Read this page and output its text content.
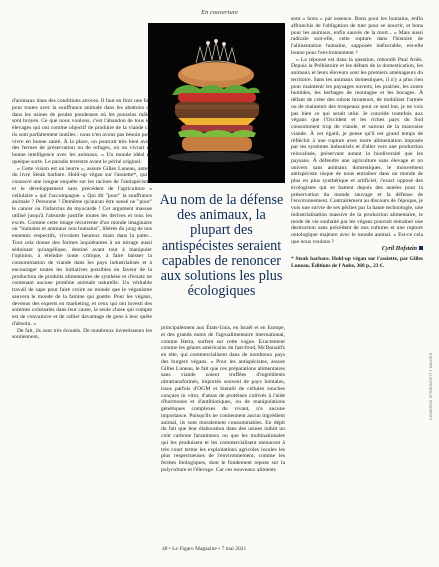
En couverture
Au nom de la défense des animaux, la plupart des antispécistes seraient capables de renoncer aux solutions les plus écologiques

d'animaux dans des conditions atroces. Il faut en finir une fois pour toutes avec la souffrance animale dans les abattoirs ou dans les usines de poules pondeuses où les poussins mâles sont broyés. Ce que nous voulons, c'est l'abandon de tous les élevages qui ont comme objectif de produire de la viande car ils sont parfaitement inutiles : nous n'en avons pas besoin pour vivre en bonne santé. À la place, on pourrait très bien avoir des fermes de préservation ou de refuges, où on vivrait en bonne intelligence avec les animaux. » Un monde idéal en quelque sorte. Le paradis terrestre avant le péché originel.

« Cette vision est un leurre », assure Gilles Luneau, auteur du livre Steak barbare. Hold-up végan sur l'assiette*, qui a consacré une longue enquête sur les racines de l'antispécisme et le développement sans précédent de l'agriculture « cellulaire » qui l'accompagne. « Qui dit "pour" la souffrance animale ? Personne ! Demême qu'aucun être sensé ne "pour" le cancer ou l'infarctus du myocarde ! Cet argument massue utilisé jusqu'à l'absurde justifie toutes les dérives et tous les excès. Comme cette image récurrente d'un monde imaginaire où "humains et animaux non humains", libérés du joug de nos ennemis respectifs, vivraient heureux main dans la patte... Tout cela donne des formes inquiétantes à un mirage aussi séduisant qu'angélique, destiné avant tout à manipuler l'opinion, à éteindre toute critique, à faire baisser la consommation de viande dans les pays industrialisés et à encourager toutes les initiatives possibles en faveur de la production de produits alimentaires de synthèse et d'ersatz ne contenant aucune protéine animale naturelle. Un véritable travail de sape pour faire croire au monde que le véganisme sauvera le monde de la famine qui guette. Pour les végans, devenus des experts en marketing, et ceux qui ont investi des sommes colossales dans leur cause, la seule chose qui compte est de convaincre et de rallier davantage de gens à leur quête d'absolu. »

De fait, ils sont très écoutés. De nombreux investisseurs les soutiennent,

principalement aux États-Unis, en Israël et en Europe, et des grands noms de l'agroalimentaire international, comme Herta, surfent sur cette vague. Exactement comme les géants américains du fast-food, McDonald's en tête, qui commercialisent dans de nombreux pays des burgers végans. « Pour les antispécistes, assure Gilles Luneau, le fait que ces préparations alimentaires sans viande soient truffées d'ingrédients ultratransformés, importés souvent de pays lointains, issus parfois d'OGM et bientôt de cellules souches conçues in vitro, d'amas de protéines cultivés à l'aide d'hormones et d'antibiotiques, ou de manipulations génétiques complexes du vivant, n'a aucune importance. Puisqu'ils ne contiennent aucun ingrédient animal, ils sont moralement consommables. En dépit du fait que leur élaboration dans des usines induit un coût carbone faramineux ou que les multinationales qui les produisent et les commercialisent menacent à très court terme les exploitations agricoles locales les plus respectueuses de l'environnement, comme les fermes biologiques, dont le fondement repose sur la polyculture et l'élevage. Car ces nouveaux aliments

sont « bons » par essence. Bons pour les humains, enfin affranchis de l'obligation de tuer pour se nourrir, et bons pour les animaux, enfin sauvés de la mort... » Mais aussi radicale soit-elle, cette rupture dans l'histoire de l'alimentation humaine, supposée inéluctable, est-elle bonne pour l'environnement ?

« La réponse est dans la question, rebondit Paul Ariès. Depuis la Préhistoire et les débuts de la domestication, les animaux et leurs éleveurs sont les premiers aménageurs du territoire. Sans les animaux domestiques, il n'y a plus rien pour maintenir les paysages ouverts, les prairies, les zones humides, les herbages de montagne et les bocages. À défaut de créer des robots brouteurs, de mobiliser l'armée ou de maintenir des troupeaux pour ce seul but, je ne vois pas bien ce qui serait utile. Je concède toutefois aux végans que l'Occident et les riches pays du Sud consomment trop de viande, et surtout de la mauvaise viande. À cet égard, je pense qu'il est grand temps de réfléchir à une rupture avec notre alimentation imposée par les systèmes industriels et d'aller vers une production relocalisée, préservant autant la biodiversité que les paysans. À défendre une agriculture sans élevage et un univers sans animaux domestiques, le mouvement antispéciste risque de nous entraîner dans un monde de plus en plus synthétique et artificiel, l'exact opposé des écologistes qui se battent depuis des années pour la préservation du monde sauvage et la défense de l'environnement. Contrairement au discours de l'époque, je vois une survie de ses pêches par la haute technologie, une industrialisation massive de la production alimentaire, le mode de vie souhaité par les végans pourrait entraîner une destruction sans précédent de nos cultures et une rupture ontologique majeure avec le monde animal. » Est-ce cela que nous voulons ?

Cyril Hofstein
* Steak barbare. Hold-up végan sur l'assiette, par Gilles Luneau, Éditions de l'Aube, 368 p., 23 €.
CAMERON SPIRES/GETTY IMAGES
48 • Le Figaro Magazine • 7 mai 2021
